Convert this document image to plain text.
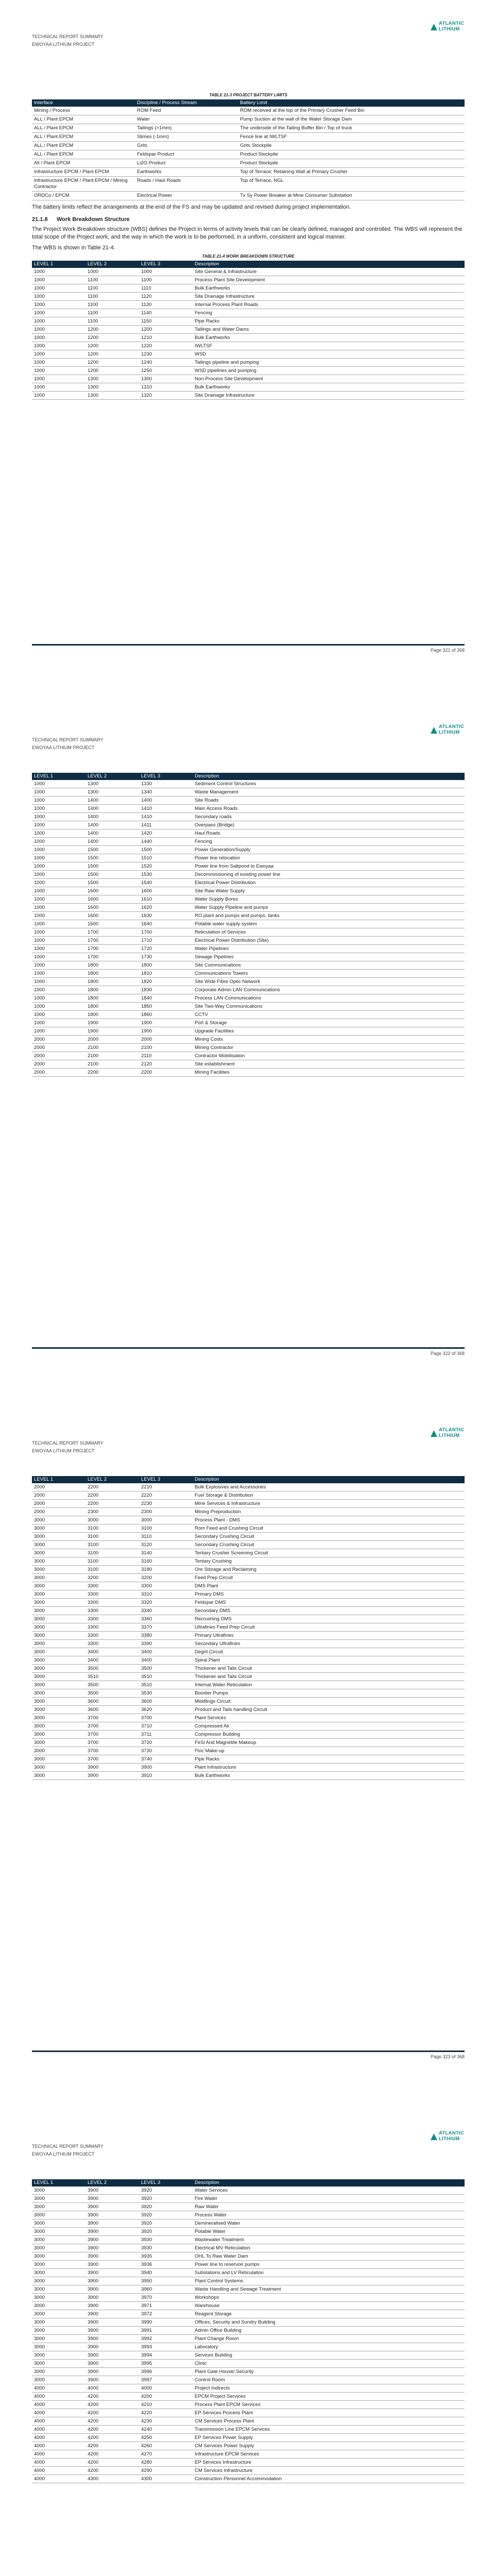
TECHNICAL REPORT SUMMARY
EWOYAA LITHIUM PROJECT
ATLANTIC
LITHIUM
TABLE 21-3 PROJECT BATTERY LIMITS
Interface	Discipline / Process Stream	Battery Limit
Mining / Process	ROM Feed	ROM received at the top of the Primary Crusher Feed Bin
ALL / Plant EPCM	Water	Pump Suction at the wall of the Water Storage Dam
ALL / Plant EPCM	Tailings (>1mm)	The underside of the Tailing Buffer Bin / Top of truck
ALL / Plant EPCM	Slimes (-1mm)	Fence line at IWLTSF
ALL / Plant EPCM	Grits	Grits Stockpile
ALL / Plant EPCM	Feldspar Product	Product Stockpile
All / Plant EPCM	Li2O Product	Product Stockpile
Infrastructure EPCM / Plant EPCM	Earthworks	Top of Terrace; Retaining Wall at Primary Crusher
Infrastructure EPCM / Plant EPCM / Mining Contractor	Roads / Haul Roads	Top of Terrace, NGL
ORDCo / EPCM	Electrical Power	Tx Sy Power Breaker at Mine Consumer Substation

The battery limits reflect the arrangements at the end of the FS and may be updated and revised during project implementation.

21.1.8 Work Breakdown Structure

The Project Work Breakdown structure (WBS) defines the Project in terms of activity levels that can be clearly defined, managed and controlled. The WBS will represent the total scope of the Project work, and the way in which the work is to be performed, in a uniform, consistent and logical manner.

The WBS is shown in Table 21-4.

TABLE 21-4 WORK BREAKDOWN STRUCTURE
LEVEL 1	LEVEL 2	LEVEL 3	Description
1000	1000	1000	Site General & Infrastructure
1000	1100	1100	Process Plant Site Development
1000	1100	1110	Bulk Earthworks
1000	1100	1120	Site Drainage Infrastructure
1000	1100	1130	Internal Process Plant Roads
1000	1100	1140	Fencing
1000	1100	1150	Pipe Racks
1000	1200	1200	Tailings and Water Dams
1000	1200	1210	Bulk Earthworks
1000	1200	1220	IWLTSF
1000	1200	1230	WSD
1000	1200	1240	Tailings pipeline and pumping
1000	1200	1250	WSD pipelines and pumping
1000	1300	1300	Non-Process Site Development
1000	1300	1310	Bulk Earthworks
1000	1300	1320	Site Drainage Infrastructure
Page 321 of 368
TECHNICAL REPORT SUMMARY
EWOYAA LITHIUM PROJECT
ATLANTIC
LITHIUM
LEVEL 1	LEVEL 2	LEVEL 3	Description
1000	1300	1330	Sediment Control Structures
1000	1300	1340	Waste Management
1000	1400	1400	Site Roads
1000	1400	1410	Main Access Roads
1000	1400	1410	Secondary roads
1000	1400	1411	Overpass (Bridge)
1000	1400	1420	Haul Roads
1000	1400	1440	Fencing
1000	1500	1500	Power Generation/Supply
1000	1500	1510	Power line relocation
1000	1500	1520	Power line from Saltpond to Ewoyaa
1000	1500	1530	Decommissioning of existing power line
1000	1500	1540	Electrical Power Distribution
1000	1600	1600	Site Raw Water Supply
1000	1600	1610	Water Supply Bores
1000	1600	1620	Water Supply Pipeline and pumps
1000	1600	1630	RO plant and pumps and pumps, tanks
1000	1600	1640	Potable water supply system
1000	1700	1700	Reticulation of Services
1000	1700	1710	Electrical Power Distribution (Site)
1000	1700	1720	Water Pipelines
1000	1700	1730	Sewage Pipelines
1000	1800	1800	Site Communications
1000	1800	1810	Communications Towers
1000	1800	1820	Site Wide Fibre Optic Network
1000	1800	1830	Corporate Admin LAN Communications
1000	1800	1840	Process LAN Communications
1000	1800	1850	Site Two-Way Communications
1000	1800	1860	CCTV
1000	1900	1900	Port & Storage
1000	1900	1900	Upgrade Facilities
2000	2000	2000	Mining Costs
2000	2100	2100	Mining Contractor
2000	2100	2110	Contractor Mobilisation
2000	2100	2120	Site establishment
2000	2200	2200	Mining Facilities
Page 322 of 368
TECHNICAL REPORT SUMMARY
EWOYAA LITHIUM PROJECT
ATLANTIC
LITHIUM
LEVEL 1	LEVEL 2	LEVEL 3	Description
2000	2200	2210	Bulk Explosives and Accessories
2000	2200	2220	Fuel Storage & Distribution
2000	2200	2230	Mine Services & Infrastructure
2000	2300	2300	Mining Preproduction
3000	3000	3000	Process Plant - DMS
3000	3100	3100	Rom Feed and Crushing Circuit
3000	3100	3110	Secondary Crushing Circuit
3000	3100	3120	Secondary Crushing Circuit
3000	3100	3140	Tertiary Crusher Screening Circuit
3000	3100	3160	Tertiary Crushing
3000	3100	3180	Ore Storage and Reclaiming
3000	3200	3200	Feed Prep Circuit
3000	3300	3300	DMS Plant
3000	3300	3310	Primary DMS
3000	3300	3320	Feldspar DMS
3000	3300	3340	Secondary DMS
3000	3300	3360	Recrushing DMS
3000	3300	3370	Ultrafines Feed Prep Circuit
3000	3300	3380	Primary Ultrafines
3000	3300	3390	Secondary Ultrafines
3000	3400	3400	Degrit Circuit
3000	3400	3400	Spiral Plant
3000	3500	3500	Thickener and Tails Circuit
3000	3510	3510	Thickener and Tails Circuit
3000	3500	3510	Internal Water Reticulation
3000	3500	3530	Booster Pumps
3000	3600	3600	Middlings Circuit
3000	3600	3620	Product and Tails handling Circuit
3000	3700	3700	Plant Services
3000	3700	3710	Compressed Air
3000	3700	3711	Compressor Building
3000	3700	3720	FeSi And Magnetite Makeup
3000	3700	3730	Floc Make-up
3000	3700	3740	Pipe Racks
3000	3900	3900	Plant Infrastructure
3000	3900	3910	Bulk Earthworks
Page 323 of 368
TECHNICAL REPORT SUMMARY
EWOYAA LITHIUM PROJECT
ATLANTIC
LITHIUM
LEVEL 1	LEVEL 2	LEVEL 3	Description
3000	3900	3920	Water Services
3000	3900	3920	Fire Water
3000	3900	3920	Raw Water
3000	3900	3920	Process Water
3000	3900	3920	Demineralised Water
3000	3900	3920	Potable Water
3000	3900	3930	Wastewater Treatment
3000	3900	3930	Electrical MV Reticulation
3000	3900	3935	OHL To Raw Water Dam
3000	3900	3936	Power line to reservoir pumps
3000	3900	3940	Substations and LV Reticulation
3000	3900	3950	Plant Control Systems
3000	3900	3960	Waste Handling and Sewage Treatment
3000	3900	3970	Workshops
3000	3900	3971	Warehouse
3000	3900	3972	Reagent Storage
3000	3900	3990	Offices, Security and Sundry Building
3000	3900	3991	Admin Office Building
3000	3900	3992	Plant Change Room
3000	3900	3993	Laboratory
3000	3900	3994	Services Building
3000	3900	3995	Clinic
3000	3900	3996	Plant Gate House/ Security
3000	3900	3997	Control Room
4000	4000	4000	Project Indirects
4000	4200	4200	EPCM Project Services
4000	4200	4210	Process Plant EPCM Services
4000	4200	4220	EP Services Process Plant
4000	4200	4230	CM Services Process Plant
4000	4200	4240	Transmission Line EPCM Services
4000	4200	4250	EP Services Power Supply
4000	4200	4260	CM Services Power Supply
4000	4200	4270	Infrastructure EPCM Services
4000	4200	4280	EP Services Infrastructure
4000	4200	4290	CM Services Infrastructure
4000	4300	4300	Construction Personnel Accommodation
